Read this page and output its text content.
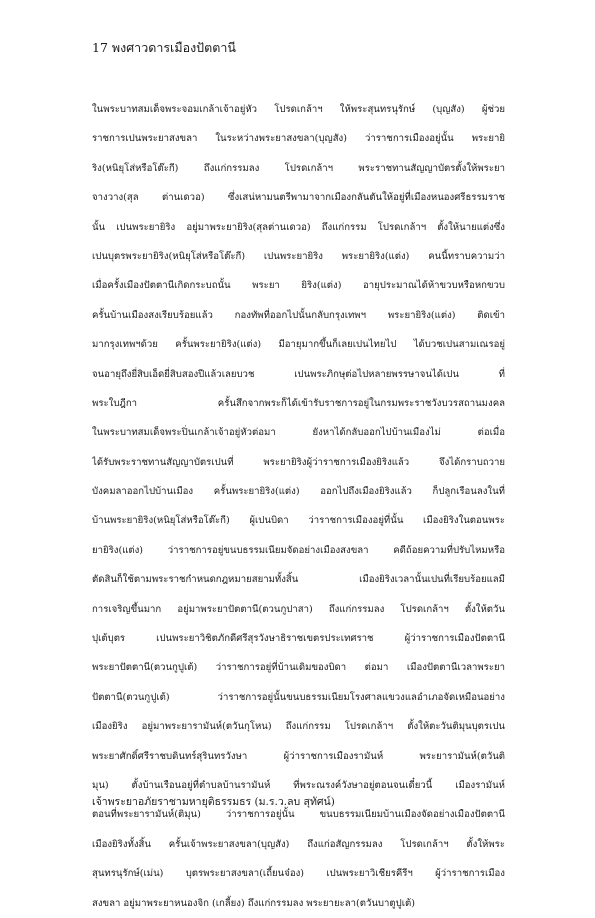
17 พงศาวดารเมืองปัตตานี
ในพระบาทสมเด็จพระจอมเกล้าเจ้าอยู่หัว โปรดเกล้าฯ ให้พระสุนทรนุรักษ์ (บุญสัง) ผู้ช่วย
ราชการเปนพระยาสงขลา ในระหว่างพระยาสงขลา(บุญสัง) ว่าราชการเมืองอยู่นั้น พระยายิ
ริง(หนิยุโส่หรือโต๊ะกี) ถึงแก่กรรมลง โปรดเกล้าฯ พระราชทานสัญญาบัตรตั้งให้พระยา
จางวาง(สุล ต่านเดวอ) ซึ่งเสน่หามนตรีพามาจากเมืองกลันตันให้อยู่ที่เมืองหนองศรีธรรมราช
นั้น เปนพระยายิริง อยู่มาพระยายิริง(สุลต่านเดวอ) ถึงแก่กรรม โปรดเกล้าฯ ตั้งให้นายแต่งซึ่ง
เปนบุตรพระยายิริง(หนิยุโส่หรือโต๊ะกี) เปนพระยายิริง พระยายิริง(แต่ง) คนนี้ทราบความว่า
เมื่อครั้งเมืองปัตตานีเกิดกระบถนั้น พระยา ยิริง(แต่ง) อายุประมาณได้ห้าขวบหรือหกขวบ
ครั้นบ้านเมืองสงเรียบร้อยแล้ว กองทัพที่ออกไปนั้นกลับกรุงเทพฯ พระยายิริง(แต่ง) ติดเข้า
มากรุงเทพฯด้วย ครั้นพระยายิริง(แต่ง) มีอายุมากขึ้นก็เลยเปนไทยไป ได้บวชเปนสามเณรอยู่
จนอายุถึงยี่สิบเอ็ดยี่สิบสองปีแล้วเลยบวช เปนพระภิกษุต่อไปหลายพรรษาจนได้เปน ที่
พระใบฎีกา ครั้นสึกจากพระก็ได้เข้ารับราชการอยู่ในกรมพระราชวังบวรสถานมงคล
ในพระบาทสมเด็จพระปิ่นเกล้าเจ้าอยู่หัวต่อมา ยังหาได้กลับออกไปบ้านเมืองไม่ ต่อเมื่อ
ได้รับพระราชทานสัญญาบัตรเปนที่ พระยายิริงผู้ว่าราชการเมืองยิริงแล้ว จึงได้กราบถวาย
บังคมลาออกไปบ้านเมือง ครั้นพระยายิริง(แต่ง) ออกไปถึงเมืองยิริงแล้ว ก็ปลูกเรือนลงในที่
บ้านพระยายิริง(หนิยุโส่หรือโต๊ะกี) ผู้เปนบิดา ว่าราชการเมืองอยู่ที่นั้น เมืองยิริงในตอนพระ
ยายิริง(แต่ง) ว่าราชการอยู่ขนบธรรมเนียมจัดอย่างเมืองสงขลา คดีถ้อยความที่ปรับไหมหรือ
ตัดสินก็ใช้ตามพระราชกำหนดกฎหมายสยามทั้งสิ้น เมืองยิริงเวลานั้นเปนที่เรียบร้อยแลมี
การเจริญขึ้นมาก อยู่มาพระยาปัตตานี(ตวนกูปาสา) ถึงแก่กรรมลง โปรดเกล้าฯ ตั้งให้ตวัน
ปุเต้บุตร เปนพระยาวิชิตภักดีศรีสุรวังษาธิราชเขตรประเทศราช ผู้ว่าราชการเมืองปัตตานี
พระยาปัตตานี(ตวนกูปูเต้) ว่าราชการอยู่ที่บ้านเดิมของบิดา ต่อมา เมืองปัตตานีเวลาพระยา
ปัตตานี(ตวนกูปูเต้) ว่าราชการอยู่นั้นขนบธรรมเนียมโรงศาลแขวงแลอำเภอจัดเหมือนอย่าง
เมืองยิริง อยู่มาพระยารามันห์(ตวันกุโหน) ถึงแก่กรรม โปรดเกล้าฯ ตั้งให้ตะวันติมุนบุตรเปน
พระยาศักดิ์ศรีราชบดินทร์สุรินทรวังษา ผู้ว่าราชการเมืองรามันห์ พระยารามันห์(ตวันติ
มุน) ตั้งบ้านเรือนอยู่ที่ตำบลบ้านรามันห์ ที่พระณรงค์วังษาอยู่ตอนจนเดี๋ยวนี้ เมืองรามันห์
ตอนที่พระยารามันห์(ติมุน) ว่าราชการอยู่นั้น ขนบธรรมเนียมบ้านเมืองจัดอย่างเมืองปัตตานี
เมืองยิริงทั้งสิ้น ครั้นเจ้าพระยาสงขลา(บุญสัง) ถึงแก่อสัญกรรมลง โปรดเกล้าฯ ตั้งให้พระ
สุนทรนุรักษ์(เม่น) บุตรพระยาสงขลา(เถี้ยนจ๋อง) เปนพระยาวิเชียรคีรีฯ ผู้ว่าราชการเมือง
สงขลา อยู่มาพระยาหนองจิก (เกลี้ยง) ถึงแก่กรรมลง พระยายะลา(ตวันบาตูปูเต้)
เจ้าพระยาอภัยราชามหายุติธรรมธร (ม.ร.ว.ลบ สุทัศน์)
